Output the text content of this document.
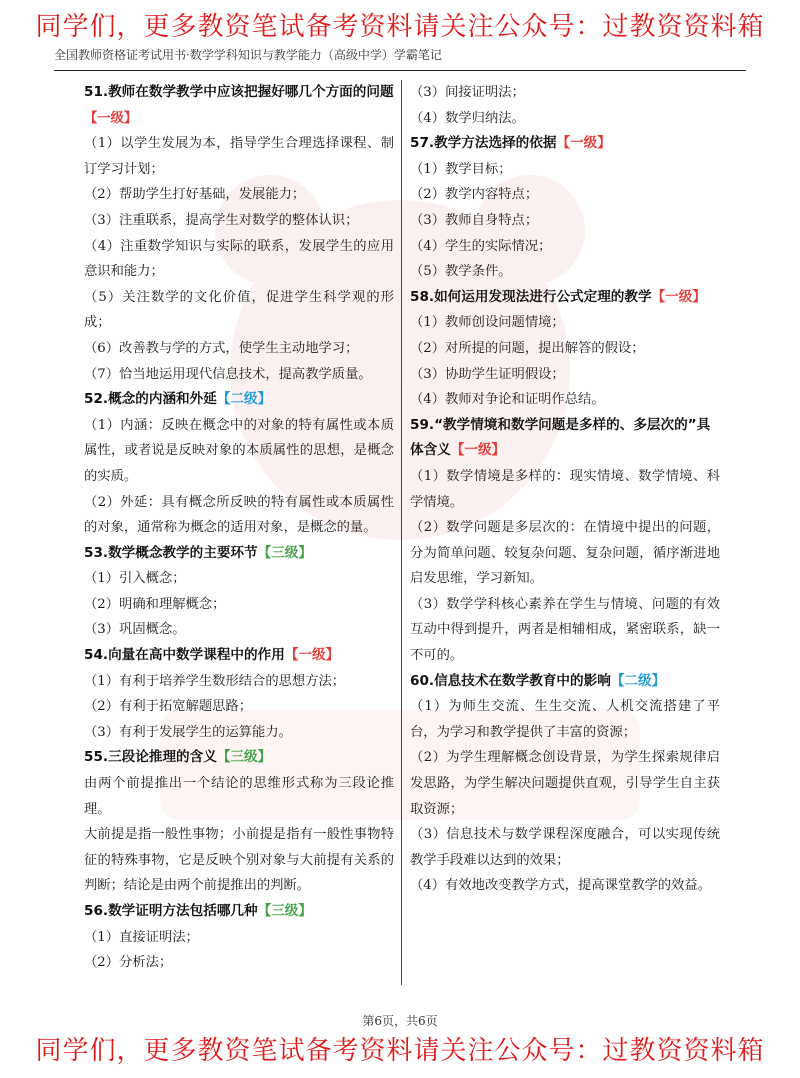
同学们，更多教资笔试备考资料请关注公众号：过教资资料箱
全国教师资格证考试用书·数学学科知识与教学能力（高级中学）学霸笔记
51.教师在数学教学中应该把握好哪几个方面的问题
【一级】
（1）以学生发展为本，指导学生合理选择课程、制订学习计划；
（2）帮助学生打好基础，发展能力；
（3）注重联系，提高学生对数学的整体认识；
（4）注重数学知识与实际的联系，发展学生的应用意识和能力；
（5）关注数学的文化价值，促进学生科学观的形成；
（6）改善教与学的方式，使学生主动地学习；
（7）恰当地运用现代信息技术，提高教学质量。
52.概念的内涵和外延【二级】
（1）内涵：反映在概念中的对象的特有属性或本质属性，或者说是反映对象的本质属性的思想，是概念的实质。
（2）外延：具有概念所反映的特有属性或本质属性的对象，通常称为概念的适用对象，是概念的量。
53.数学概念教学的主要环节【三级】
（1）引入概念；
（2）明确和理解概念；
（3）巩固概念。
54.向量在高中数学课程中的作用【一级】
（1）有利于培养学生数形结合的思想方法；
（2）有利于拓宽解题思路；
（3）有利于发展学生的运算能力。
55.三段论推理的含义【三级】
由两个前提推出一个结论的思维形式称为三段论推理。
大前提是指一般性事物；小前提是指有一般性事物特征的特殊事物，它是反映个别对象与大前提有关系的判断；结论是由两个前提推出的判断。
56.数学证明方法包括哪几种【三级】
（1）直接证明法；
（2）分析法；
（3）间接证明法；
（4）数学归纳法。
57.教学方法选择的依据【一级】
（1）教学目标；
（2）教学内容特点；
（3）教师自身特点；
（4）学生的实际情况；
（5）教学条件。
58.如何运用发现法进行公式定理的教学【一级】
（1）教师创设问题情境；
（2）对所提的问题，提出解答的假设；
（3）协助学生证明假设；
（4）教师对争论和证明作总结。
59.“教学情境和数学问题是多样的、多层次的”具体含义【一级】
（1）数学情境是多样的：现实情境、数学情境、科学情境。
（2）数学问题是多层次的：在情境中提出的问题，分为简单问题、较复杂问题、复杂问题，循序渐进地启发思维，学习新知。
（3）数学学科核心素养在学生与情境、问题的有效互动中得到提升，两者是相辅相成，紧密联系，缺一不可的。
60.信息技术在数学教育中的影响【二级】
（1）为师生交流、生生交流、人机交流搭建了平台，为学习和教学提供了丰富的资源；
（2）为学生理解概念创设背景，为学生探索规律启发思路，为学生解决问题提供直观，引导学生自主获取资源；
（3）信息技术与数学课程深度融合，可以实现传统教学手段难以达到的效果；
（4）有效地改变教学方式，提高课堂教学的效益。
第6页，共6页
同学们，更多教资笔试备考资料请关注公众号：过教资资料箱
